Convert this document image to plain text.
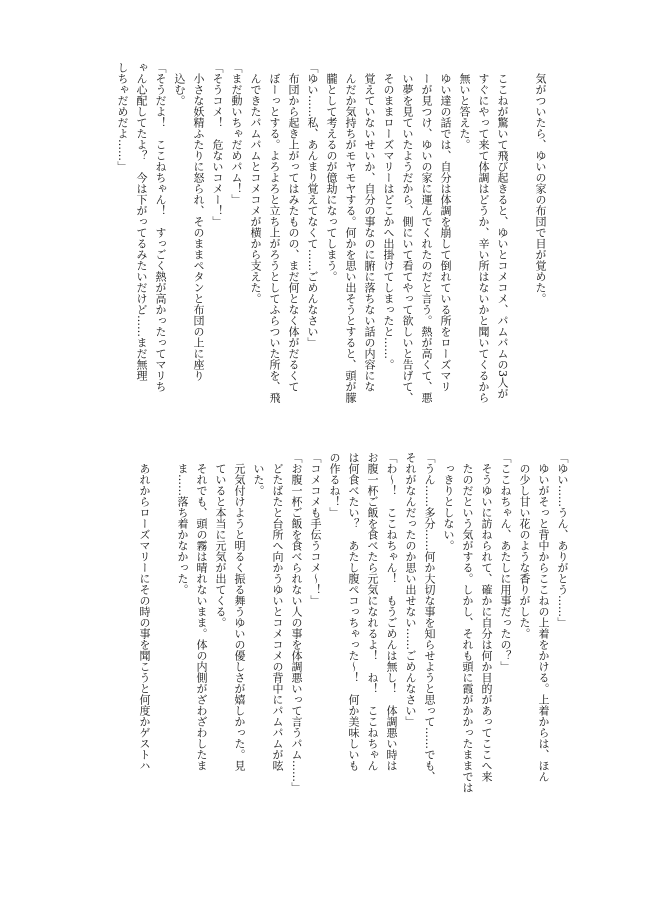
気がついたら、ゆいの家の布団で目が覚めた。

ここねが驚いて飛び起きると、ゆいとコメコメ、パムパムの3人が
すぐにやって来て体調はどうか、辛い所はないかと聞いてくるから
無いと答えた。
ゆい達の話では、自分は体調を崩して倒れている所をローズマリ
ーが見つけ、ゆいの家に運んでくれたのだと言う。熱が高くて、悪
い夢を見ていたようだから、側にいて看てやって欲しいと告げて、
そのままローズマリーはどこかへ出掛けてしまったと……。
覚えていないせいか、自分の事なのに腑に落ちない話の内容にな
んだか気持ちがモヤモヤする。何かを思い出そうとすると、頭が朦
朧として考えるのが億劫になってしまう。
「ゆい……私、あんまり覚えてなくて……ごめんなさい」
布団から起き上がってはみたものの、まだ何となく体がだるくて
ぼーっとする。よろよろと立ち上がろうとしてふらついた所を、飛
んできたパムパムとコメコメが横から支えた。
「まだ動いちゃだめパム！」
「そうコメ！　危ないコメー！」
小さな妖精ふたりに怒られ、そのままペタンと布団の上に座り
込む。
「そうだよ！　ここねちゃん！　すっごく熱が高かったってマリち
ゃん心配してたよ？　今は下がってるみたいだけど……まだ無理
しちゃだめだよ……」
「ゆい……うん、ありがとう……」
ゆいがそっと背中からここねの上着をかける。上着からは、ほん
の少し甘い花のような香りがした。
「ここねちゃん、あたしに用事だったの？」
そうゆいに訪ねられて、確かに自分は何か目的があってここへ来
たのだという気がする。しかし、それも頭に霞がかかったままでは
っきりとしない。
「うん……多分……何か大切な事を知らせようと思って……でも、
それがなんだったのか思い出せない……ごめんなさい」
「わ〜！　ここねちゃん！　もうごめんは無し！　体調悪い時は
お腹一杯ご飯を食べたら元気になれるよ！　ね！　ここねちゃん
は何食べたい？　あたし腹ペコっちゃった〜！　何か美味しいも
の作るね！」
「コメコメも手伝うコメ〜！」
「お腹一杯ご飯を食べられない人の事を体調悪いって言うパム……」
どたばたと台所へ向かうゆいとコメコメの背中にパムパムが呟
いた。
元気付けようと明るく振る舞うゆいの優しさが嬉しかった。見
ていると本当に元気が出てくる。
それでも、頭の霧は晴れないまま。体の内側がざわざわしたま
ま……落ち着かなかった。

あれからローズマリーにその時の事を聞こうと何度かゲストハ
